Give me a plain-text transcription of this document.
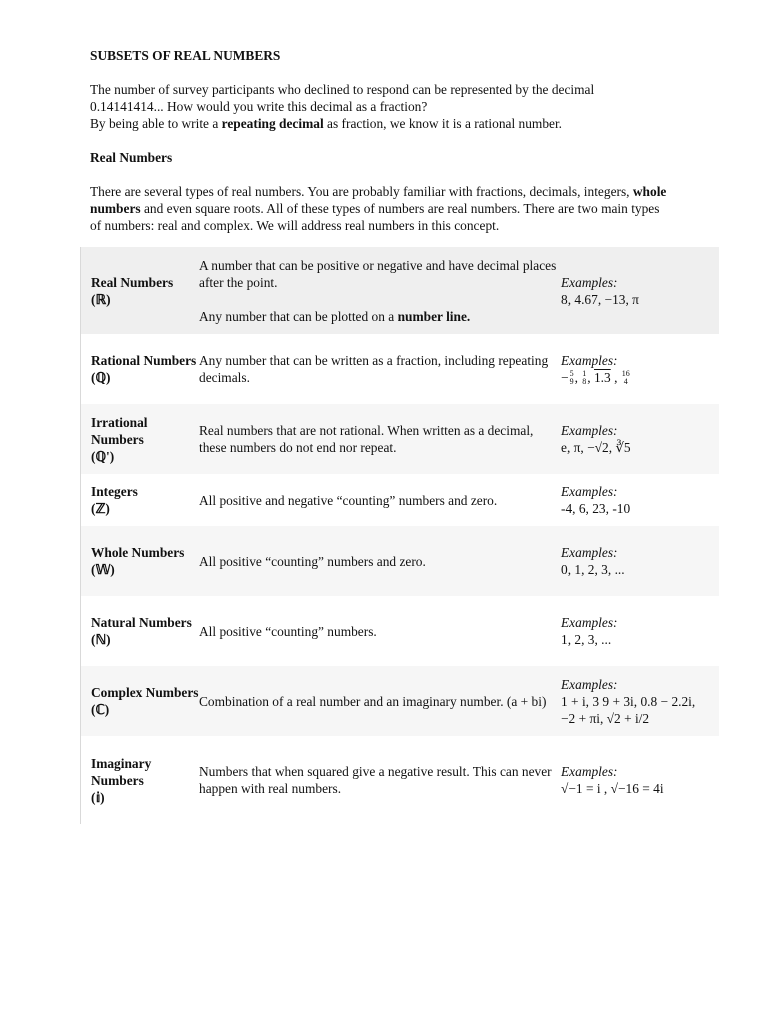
SUBSETS OF REAL NUMBERS

The number of survey participants who declined to respond can be represented by the decimal

0.14141414... How would you write this decimal as a fraction?

By being able to write a repeating decimal as fraction, we know it is a rational number.

Real Numbers

There are several types of real numbers. You are probably familiar with fractions, decimals, integers, whole

numbers and even square roots. All of these types of numbers are real numbers. There are two main types

of numbers: real and complex. We will address real numbers in this concept.

Real Numbers
(ℝ)
A number that can be positive or negative and have decimal places after the point.
Any number that can be plotted on a number line.
Examples:
8, 4.67, −13, π
Rational Numbers
(ℚ)
Any number that can be written as a fraction, including repeating decimals.
Examples:
− 5
9 , 1
8 , 1.3 , 16
4
Irrational Numbers
(ℚ')
Real numbers that are not rational. When written as a decimal, these numbers do not end nor repeat.
Examples:
e, π, −√2, ∛5
Integers
(ℤ)
All positive and negative “counting” numbers and zero.
Examples:
-4, 6, 23, -10
Whole Numbers
(𝕎)
All positive “counting” numbers and zero.
Examples:
0, 1, 2, 3, ...
Natural Numbers
(ℕ)
All positive “counting” numbers.
Examples:
1, 2, 3, ...
Complex Numbers
(ℂ)
Combination of a real number and an imaginary number. (a + bi)
Examples:
1 + i, 3 9 + 3i, 0.8 − 2.2i, −2 + πi, √2 + i/2
Imaginary Numbers
(𝕚)
Numbers that when squared give a negative result. This can never happen with real numbers.
Examples:
√−1 = i , √−16 = 4i
